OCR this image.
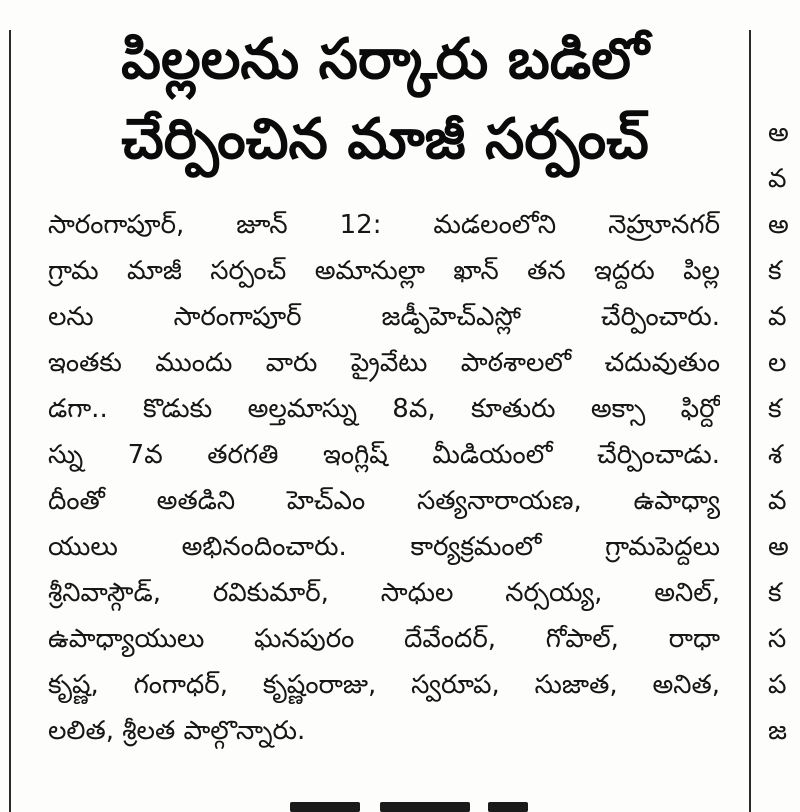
పిల్లలను సర్కారు బడిలో
చేర్పించిన మాజీ సర్పంచ్
సారంగాపూర్, జూన్ 12: మడలంలోని నెహ్రూనగర్
గ్రామ మాజీ సర్పంచ్ అమానుల్లా ఖాన్ తన ఇద్దరు పిల్ల
లను సారంగాపూర్ జడ్పీహెచ్ఎస్లో చేర్పించారు.
ఇంతకు ముందు వారు ప్రైవేటు పాఠశాలలో చదువుతుం
డగా.. కొడుకు అల్తమాస్ను 8వ, కూతురు అక్సా ఫిర్దో
స్ను 7వ తరగతి ఇంగ్లిష్ మీడియంలో చేర్పించాడు.
దీంతో అతడిని హెచ్ఎం సత్యనారాయణ, ఉపాధ్యా
యులు అభినందించారు. కార్యక్రమంలో గ్రామపెద్దలు
శ్రీనివాస్గౌడ్, రవికుమార్, సాధుల నర్సయ్య, అనిల్,
ఉపాధ్యాయులు ఘనపురం దేవేందర్, గోపాల్, రాధా
కృష్ణ, గంగాధర్, కృష్ణంరాజు, స్వరూప, సుజాత, అనిత,
లలిత, శ్రీలత పాల్గొన్నారు.
అ
వ
అ
క
వ
ల
క
శ
వ
అ
క
స
ప
జ
